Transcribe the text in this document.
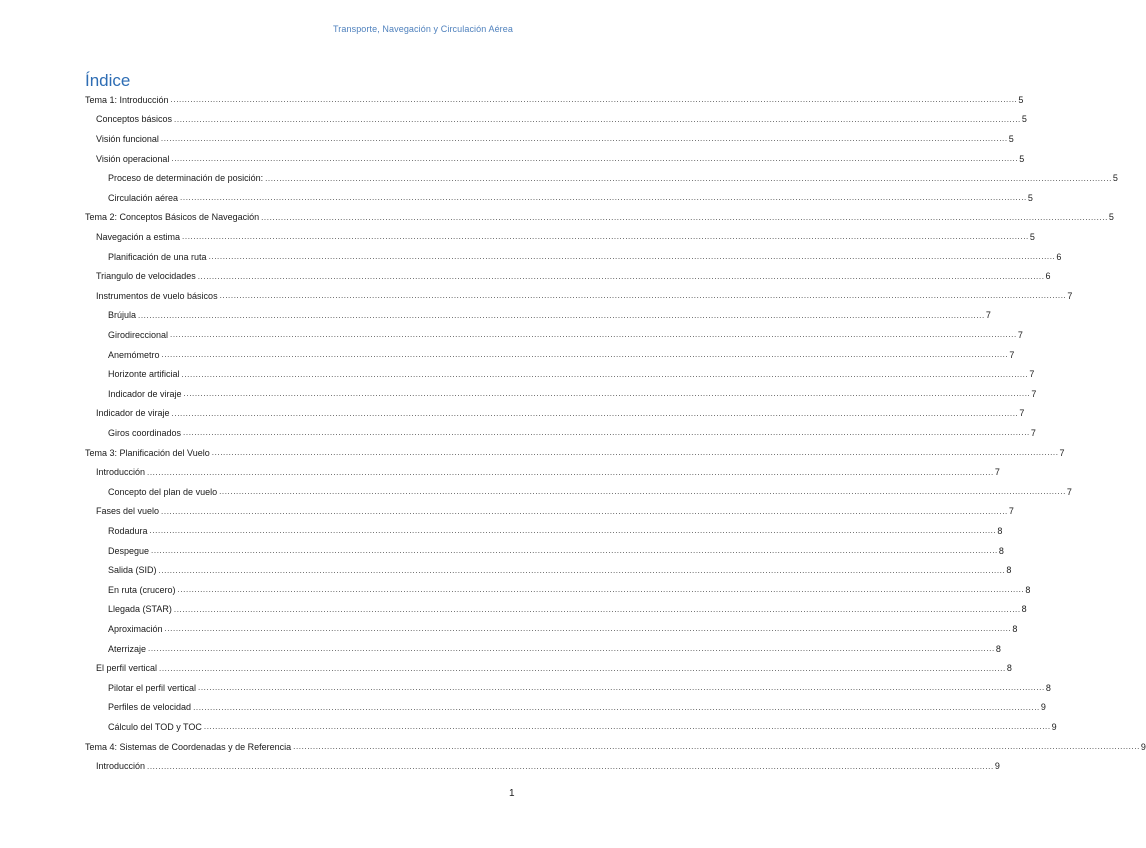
Transporte, Navegación y Circulación Aérea
Índice
Tema 1: Introducción ............................................................................................................................................................................................................................................................................................................ 5
Conceptos básicos ............................................................................................................................................................................................................................................................................................................ 5
Visión funcional ............................................................................................................................................................................................................................................................................................................ 5
Visión operacional ............................................................................................................................................................................................................................................................................................................ 5
Proceso de determinación de posición: ............................................................................................................................................................................................................................................................................................................ 5
Circulación aérea ............................................................................................................................................................................................................................................................................................................ 5
Tema 2: Conceptos Básicos de Navegación ............................................................................................................................................................................................................................................................................................................ 5
Navegación a estima ............................................................................................................................................................................................................................................................................................................ 5
Planificación de una ruta ............................................................................................................................................................................................................................................................................................................ 6
Triangulo de velocidades ............................................................................................................................................................................................................................................................................................................ 6
Instrumentos de vuelo básicos ............................................................................................................................................................................................................................................................................................................ 7
Brújula ............................................................................................................................................................................................................................................................................................................ 7
Girodireccional ............................................................................................................................................................................................................................................................................................................ 7
Anemómetro ............................................................................................................................................................................................................................................................................................................ 7
Horizonte artificial ............................................................................................................................................................................................................................................................................................................ 7
Indicador de viraje ............................................................................................................................................................................................................................................................................................................ 7
Indicador de viraje ............................................................................................................................................................................................................................................................................................................ 7
Giros coordinados ............................................................................................................................................................................................................................................................................................................ 7
Tema 3: Planificación del Vuelo ............................................................................................................................................................................................................................................................................................................ 7
Introducción ............................................................................................................................................................................................................................................................................................................ 7
Concepto del plan de vuelo ............................................................................................................................................................................................................................................................................................................ 7
Fases del vuelo ............................................................................................................................................................................................................................................................................................................ 7
Rodadura ............................................................................................................................................................................................................................................................................................................ 8
Despegue ............................................................................................................................................................................................................................................................................................................ 8
Salida (SID) ............................................................................................................................................................................................................................................................................................................ 8
En ruta (crucero) ............................................................................................................................................................................................................................................................................................................ 8
Llegada (STAR) ............................................................................................................................................................................................................................................................................................................ 8
Aproximación ............................................................................................................................................................................................................................................................................................................ 8
Aterrizaje ............................................................................................................................................................................................................................................................................................................ 8
El perfil vertical ............................................................................................................................................................................................................................................................................................................ 8
Pilotar el perfil vertical ............................................................................................................................................................................................................................................................................................................ 8
Perfiles de velocidad ............................................................................................................................................................................................................................................................................................................ 9
Cálculo del TOD y TOC ............................................................................................................................................................................................................................................................................................................ 9
Tema 4: Sistemas de Coordenadas y de Referencia ............................................................................................................................................................................................................................................................................................................ 9
Introducción ............................................................................................................................................................................................................................................................................................................ 9
1
